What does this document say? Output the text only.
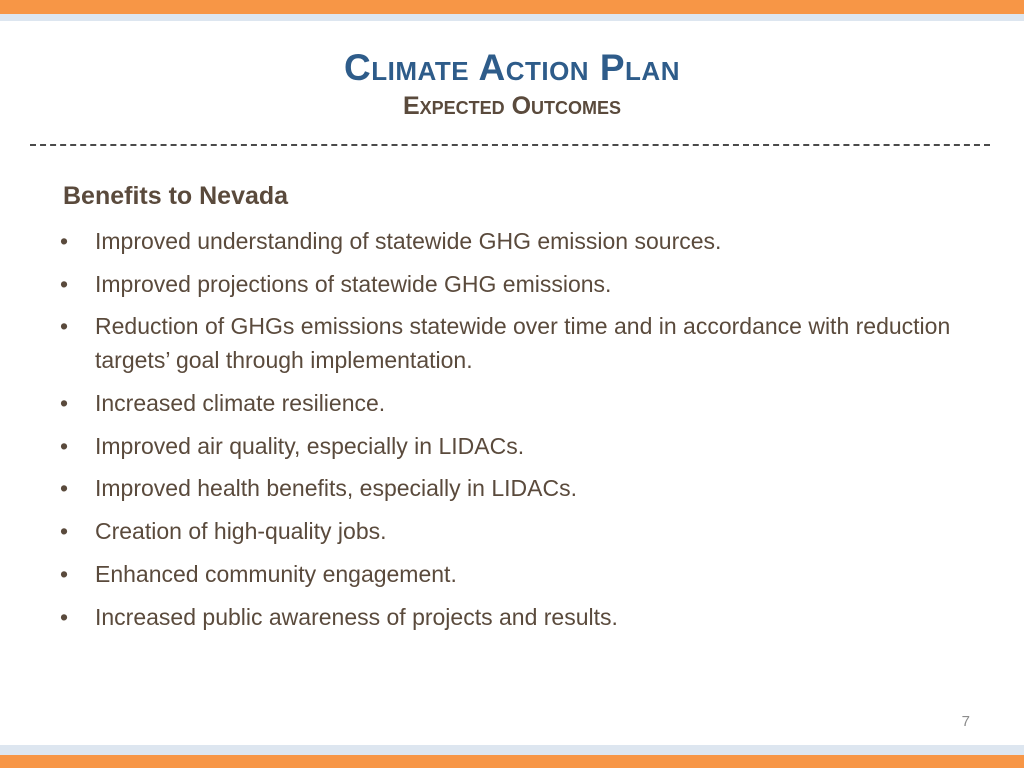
Climate Action Plan
Expected Outcomes
Benefits to Nevada
•	Improved understanding of statewide GHG emission sources.
•	Improved projections of statewide GHG emissions.
•	Reduction of GHGs emissions statewide over time and in accordance with reduction targets’ goal through implementation.
•	Increased climate resilience.
•	Improved air quality, especially in LIDACs.
•	Improved health benefits, especially in LIDACs.
•	Creation of high-quality jobs.
•	Enhanced community engagement.
•	Increased public awareness of projects and results.
7
